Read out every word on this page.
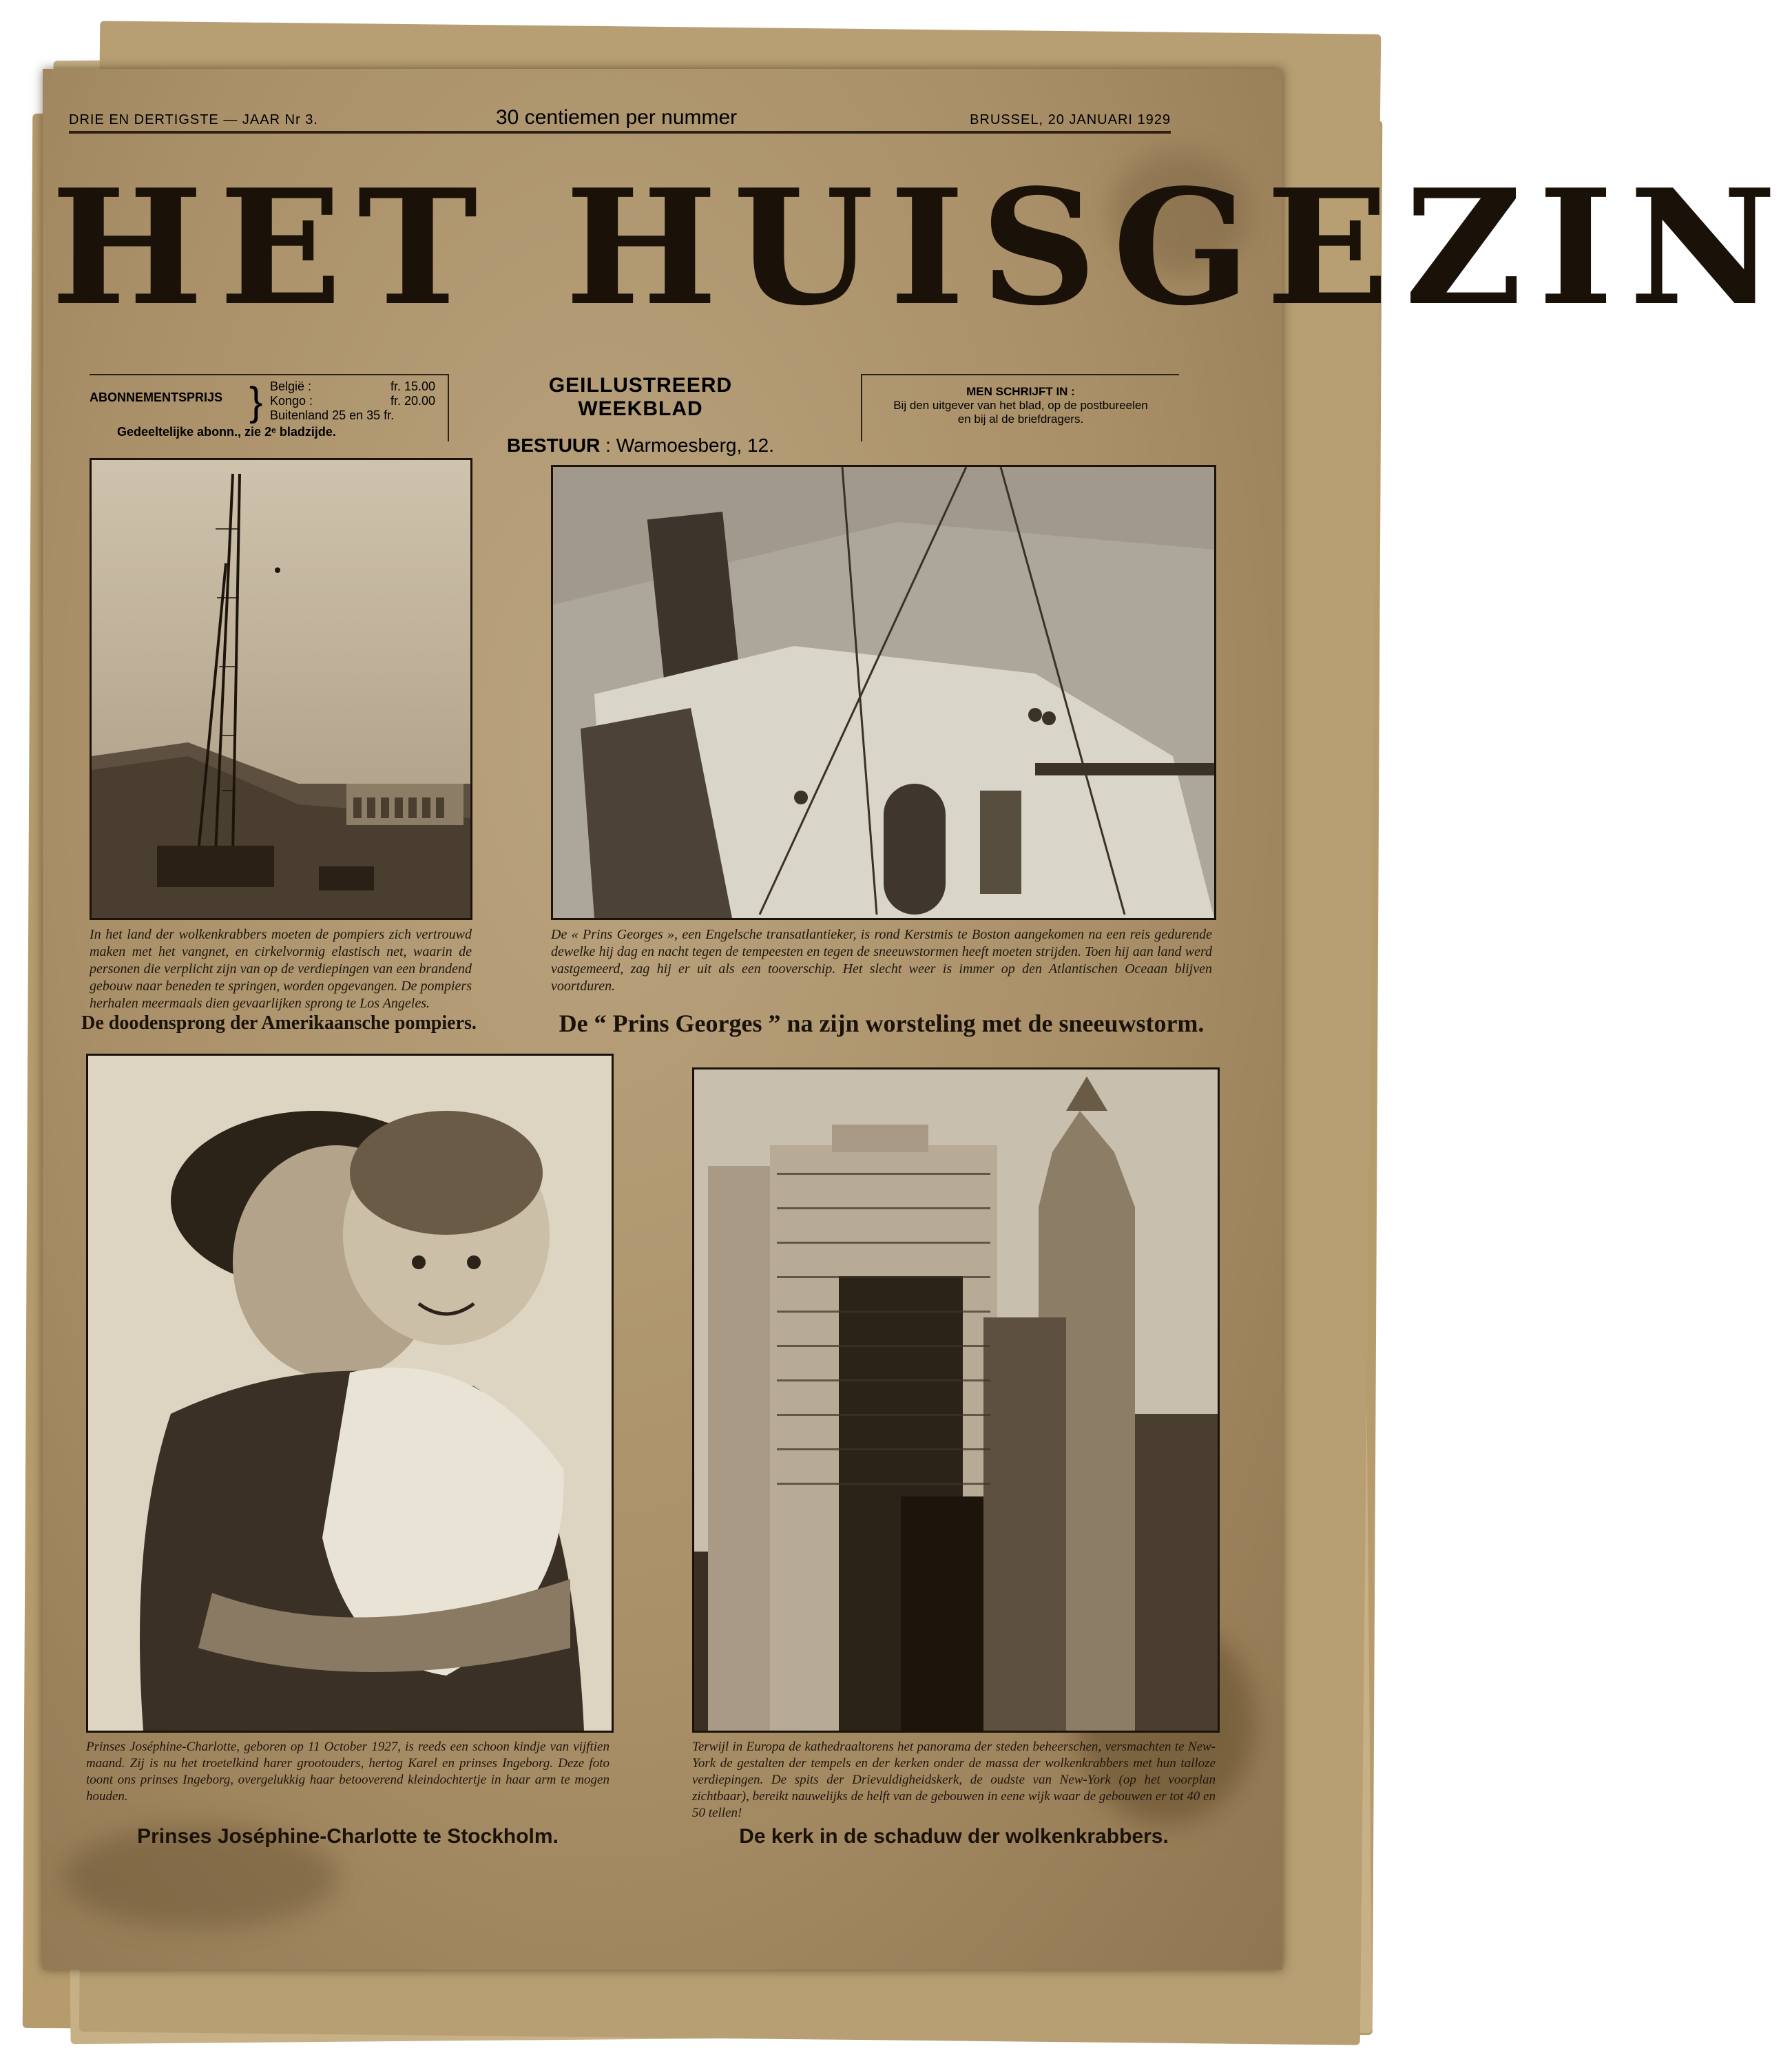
DRIE EN DERTIGSTE — JAAR Nr 3.	30 centiemen per nummer	BRUSSEL, 20 JANUARI 1929
HET HUISGEZIN
ABONNEMENTSPRIJS } België :	fr. 15.00
Kongo :	fr. 20.00
Buitenland 25 en 35 fr.
Gedeeltelijke abonn., zie 2ᵉ bladzijde.
GEILLUSTREERD WEEKBLAD
BESTUUR : Warmoesberg, 12.
MEN SCHRIJFT IN :
Bij den uitgever van het blad, op de postbureelen
en bij al de briefdragers.
In het land der wolkenkrabbers moeten de pompiers zich vertrouwd maken met het vangnet, en cirkelvormig elastisch net, waarin de personen die verplicht zijn van op de verdiepingen van een brandend gebouw naar beneden te springen, worden opgevangen. De pompiers herhalen meermaals dien gevaarlijken sprong te Los Angeles.
De doodensprong der Amerikaansche pompiers.
De « Prins Georges », een Engelsche transatlantieker, is rond Kerstmis te Boston aangekomen na een reis gedurende dewelke hij dag en nacht tegen de tempeesten en tegen de sneeuwstormen heeft moeten strijden. Toen hij aan land werd vastgemeerd, zag hij er uit als een tooverschip. Het slecht weer is immer op den Atlantischen Oceaan blijven voortduren.
De “ Prins Georges ” na zijn worsteling met de sneeuwstorm.
Prinses Joséphine-Charlotte, geboren op 11 October 1927, is reeds een schoon kindje van vijftien maand. Zij is nu het troetelkind harer grootouders, hertog Karel en prinses Ingeborg. Deze foto toont ons prinses Ingeborg, overgelukkig haar betooverend kleindochtertje in haar arm te mogen houden.
Prinses Joséphine-Charlotte te Stockholm.
Terwijl in Europa de kathedraaltorens het panorama der steden beheerschen, versmachten te New-York de gestalten der tempels en der kerken onder de massa der wolkenkrabbers met hun talloze verdiepingen. De spits der Drievuldigheidskerk, de oudste van New-York (op het voorplan zichtbaar), bereikt nauwelijks de helft van de gebouwen in eene wijk waar de gebouwen er tot 40 en 50 tellen!
De kerk in de schaduw der wolkenkrabbers.
